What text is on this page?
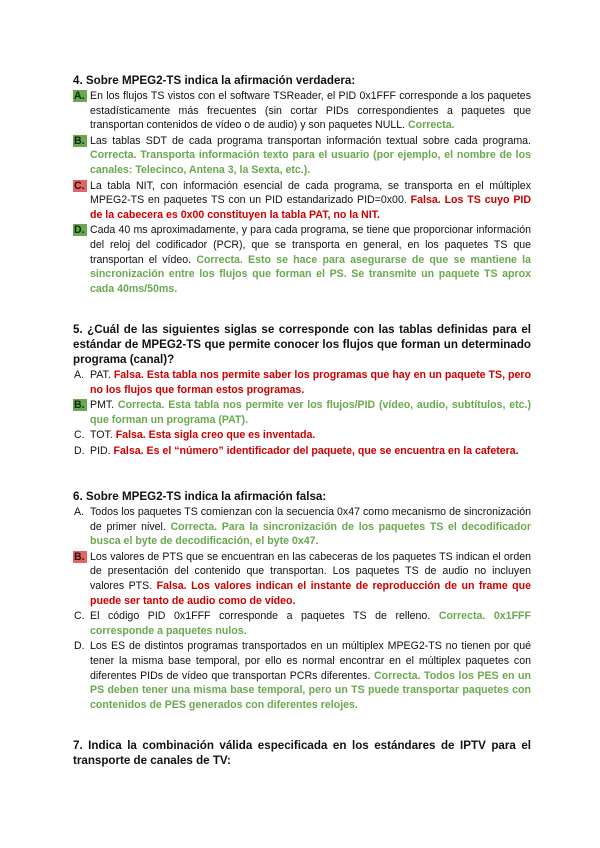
4. Sobre MPEG2-TS indica la afirmación verdadera:

A. En los flujos TS vistos con el software TSReader, el PID 0x1FFF corresponde a los paquetes estadísticamente más frecuentes (sin cortar PIDs correspondientes a paquetes que transportan contenidos de vídeo o de audio) y son paquetes NULL. Correcta.
B. Las tablas SDT de cada programa transportan información textual sobre cada programa. Correcta. Transporta información texto para el usuario (por ejemplo, el nombre de los canales: Telecinco, Antena 3, la Sexta, etc.).
C. La tabla NIT, con información esencial de cada programa, se transporta en el múltiplex MPEG2-TS en paquetes TS con un PID estandarizado PID=0x00. Falsa. Los TS cuyo PID de la cabecera es 0x00 constituyen la tabla PAT, no la NIT.
D. Cada 40 ms aproximadamente, y para cada programa, se tiene que proporcionar información del reloj del codificador (PCR), que se transporta en general, en los paquetes TS que transportan el vídeo. Correcta. Esto se hace para asegurarse de que se mantiene la sincronización entre los flujos que forman el PS. Se transmite un paquete TS aprox cada 40ms/50ms.

5. ¿Cuál de las siguientes siglas se corresponde con las tablas definidas para el estándar de MPEG2-TS que permite conocer los flujos que forman un determinado programa (canal)?

A. PAT. Falsa. Esta tabla nos permite saber los programas que hay en un paquete TS, pero no los flujos que forman estos programas.
B. PMT. Correcta. Esta tabla nos permite ver los flujos/PID (vídeo, audio, subtítulos, etc.) que forman un programa (PAT).
C. TOT. Falsa. Esta sigla creo que es inventada.
D. PID. Falsa. Es el “número” identificador del paquete, que se encuentra en la cafetera.

6. Sobre MPEG2-TS indica la afirmación falsa:

A. Todos los paquetes TS comienzan con la secuencia 0x47 como mecanismo de sincronización de primer nivel. Correcta. Para la sincronización de los paquetes TS el decodificador busca el byte de decodificación, el byte 0x47.
B. Los valores de PTS que se encuentran en las cabeceras de los paquetes TS indican el orden de presentación del contenido que transportan. Los paquetes TS de audio no incluyen valores PTS. Falsa. Los valores indican el instante de reproducción de un frame que puede ser tanto de audio como de vídeo.
C. El código PID 0x1FFF corresponde a paquetes TS de relleno. Correcta. 0x1FFF corresponde a paquetes nulos.
D. Los ES de distintos programas transportados en un múltiplex MPEG2-TS no tienen por qué tener la misma base temporal, por ello es normal encontrar en el múltiplex paquetes con diferentes PIDs de vídeo que transportan PCRs diferentes. Correcta. Todos los PES en un PS deben tener una misma base temporal, pero un TS puede transportar paquetes con contenidos de PES generados con diferentes relojes.

7. Indica la combinación válida especificada en los estándares de IPTV para el transporte de canales de TV:
